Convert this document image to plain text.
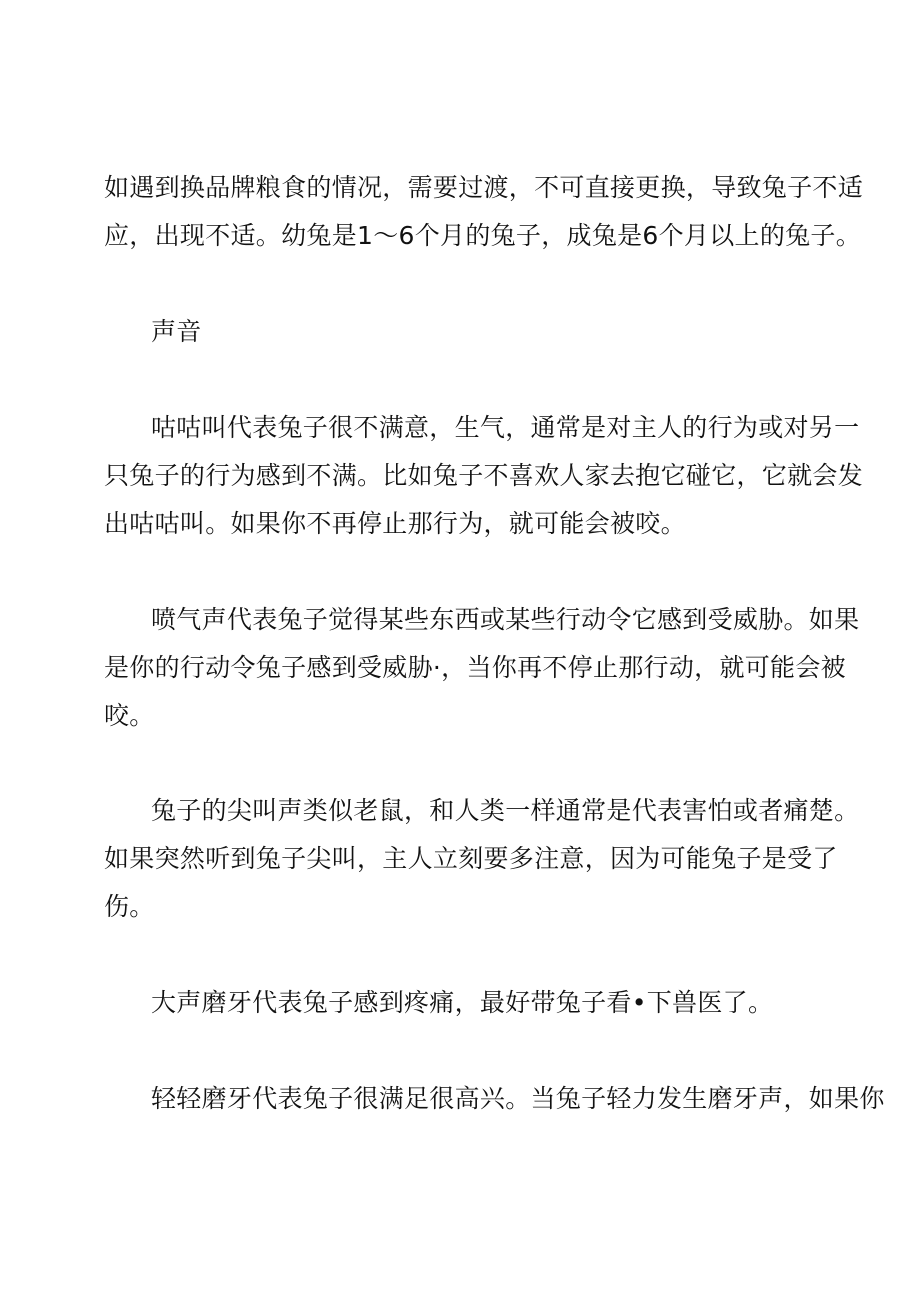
如遇到换品牌粮食的情况，需要过渡，不可直接更换，导致兔子不适
应，出现不适。幼兔是1～6个月的兔子，成兔是6个月以上的兔子。
声音
咕咕叫代表兔子很不满意，生气，通常是对主人的行为或对另一
只兔子的行为感到不满。比如兔子不喜欢人家去抱它碰它，它就会发
出咕咕叫。如果你不再停止那行为，就可能会被咬。
喷气声代表兔子觉得某些东西或某些行动令它感到受威胁。如果
是你的行动令兔子感到受威胁·，当你再不停止那行动，就可能会被
咬。
兔子的尖叫声类似老鼠，和人类一样通常是代表害怕或者痛楚。
如果突然听到兔子尖叫，主人立刻要多注意，因为可能兔子是受了
伤。
大声磨牙代表兔子感到疼痛，最好带兔子看•下兽医了。
轻轻磨牙代表兔子很满足很高兴。当兔子轻力发生磨牙声，如果你
